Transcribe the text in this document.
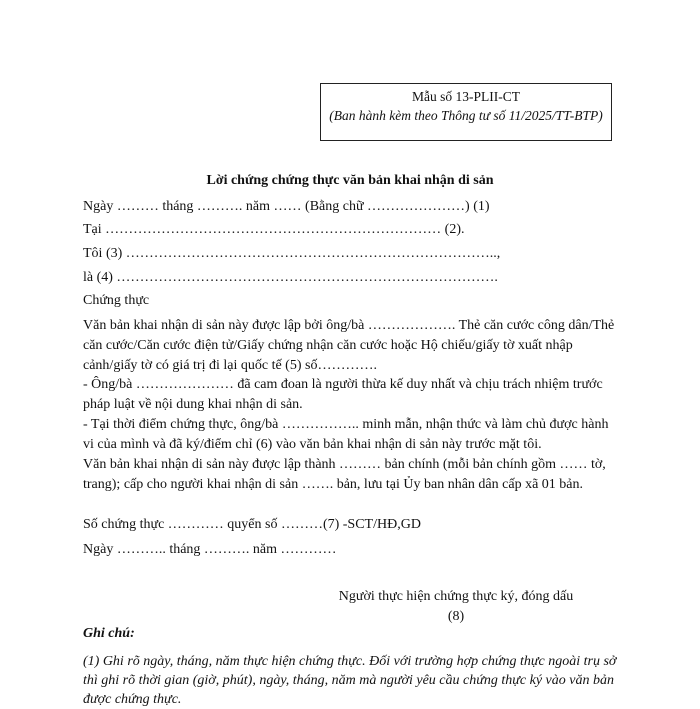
Mẫu số 13-PLII-CT
(Ban hành kèm theo Thông tư số 11/2025/TT-BTP)
Lời chứng chứng thực văn bản khai nhận di sản
Ngày ……… tháng ………. năm …… (Bằng chữ …………………) (1)
Tại ……………………………………………………………… (2).
Tôi (3) ……………………………………………………………………..,
là (4) ……………………………………………………………………….
Chứng thực
Văn bản khai nhận di sản này được lập bởi ông/bà ………………. Thẻ căn cước công dân/Thẻ căn cước/Căn cước điện tử/Giấy chứng nhận căn cước hoặc Hộ chiếu/giấy tờ xuất nhập cảnh/giấy tờ có giá trị đi lại quốc tế (5) số………….
- Ông/bà ………………… đã cam đoan là người thừa kế duy nhất và chịu trách nhiệm trước pháp luật về nội dung khai nhận di sản.
- Tại thời điểm chứng thực, ông/bà …………….. minh mẫn, nhận thức và làm chủ được hành vi của mình và đã ký/điểm chỉ (6) vào văn bản khai nhận di sản này trước mặt tôi.
Văn bản khai nhận di sản này được lập thành ……… bản chính (mỗi bản chính gồm …… tờ, trang); cấp cho người khai nhận di sản ……. bản, lưu tại Ủy ban nhân dân cấp xã 01 bản.
Số chứng thực ………… quyển số ………(7) -SCT/HĐ,GD
Ngày ……….. tháng ………. năm …………
Người thực hiện chứng thực ký, đóng dấu (8)
Ghi chú:
(1) Ghi rõ ngày, tháng, năm thực hiện chứng thực. Đối với trường hợp chứng thực ngoài trụ sở thì ghi rõ thời gian (giờ, phút), ngày, tháng, năm mà người yêu cầu chứng thực ký vào văn bản được chứng thực.
